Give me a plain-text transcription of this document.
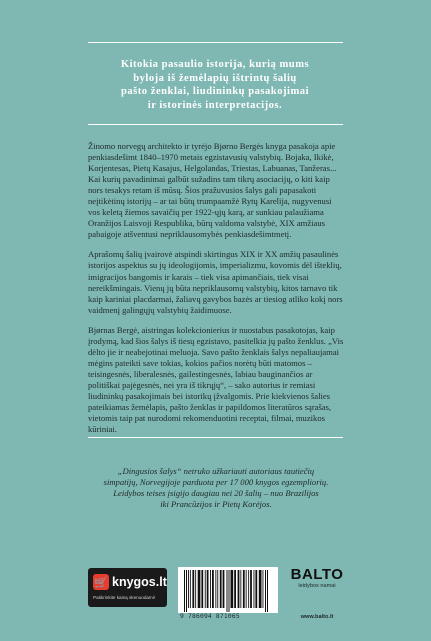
Kitokia pasaulio istorija, kurią mums
byloja iš žemėlapių ištrintų šalių
pašto ženklai, liudininkų pasakojimai
ir istorinės interpretacijos.

Žinomo norvegų architekto ir tyrėjo Bjørno Bergės knyga pasakoja apie penkiasdešimt 1840–1970 metais egzistavusių valstybių. Bojaka, Ikikė, Korjentesas, Pietų Kasajus, Helgolandas, Triestas, Labuanas, Tanžeras... Kai kurių pavadinimai galbūt sužadins tam tikrų asociacijų, o kiti kaip nors tesakys retam iš mūsų. Šios pražuvusios šalys gali papasakoti neįtikėtinų istorijų – ar tai būtų trumpaamžė Rytų Karelija, nugyvenusi vos keletą žiemos savaičių per 1922-ųjų karą, ar sunkiau palaužiama Oranžijos Laisvoji Respublika, būrų valdoma valstybė, XIX amžiaus pabaigoje atšventusi nepriklausomybės penkiasdešimtmetį.

Aprašomų šalių įvairovė atspindi skirtingus XIX ir XX amžių pasaulinės istorijos aspektus su jų ideologijomis, imperializmu, kovomis dėl išteklių, imigracijos bangomis ir karais – tiek visa apimančiais, tiek visai nereikšmingais. Vienų jų būta nepriklausomų valstybių, kitos tarnavo tik kaip kariniai placdarmai, žaliavų gavybos bazės ar tiesiog atliko kokį nors vaidmenį galingųjų valstybių žaidimuose.

Bjørnas Bergė, aistringas kolekcionierius ir nuostabus pasakotojas, kaip įrodymą, kad šios šalys iš tiesų egzistavo, pasitelkia jų pašto ženklus. „Vis dėlto jie ir neabejotinai meluoja. Savo pašto ženklais šalys nepaliaujamai mėgins pateikti save tokias, kokios pačios norėtų būti matomos – teisingesnės, liberalesnės, gailestingesnės, labiau bauginančios ar politiškai pajėgesnės, nei yra iš tikrųjų“, – sako autorius ir remiasi liudininkų pasakojimais bei istorikų įžvalgomis. Prie kiekvienos šalies pateikiamas žemėlapis, pašto ženklas ir papildomos literatūros sąrašas, vietomis taip pat nurodomi rekomenduotini receptai, filmai, muzikos kūriniai.

„Dingusios šalys“ netruko užkariauti autoriaus tautiečių
simpatijų, Norvegijoje parduota per 17 000 knygos egzempliorių.
Leidybos teises įsigijo daugiau nei 20 šalių – nuo Brazilijos
iki Prancūzijos ir Pietų Korėjos.
🛒 knygos.lt
Patikrinkite kainą skenuodami!
9 786094 871065
BALTO
leidybos namai
www.balto.lt
